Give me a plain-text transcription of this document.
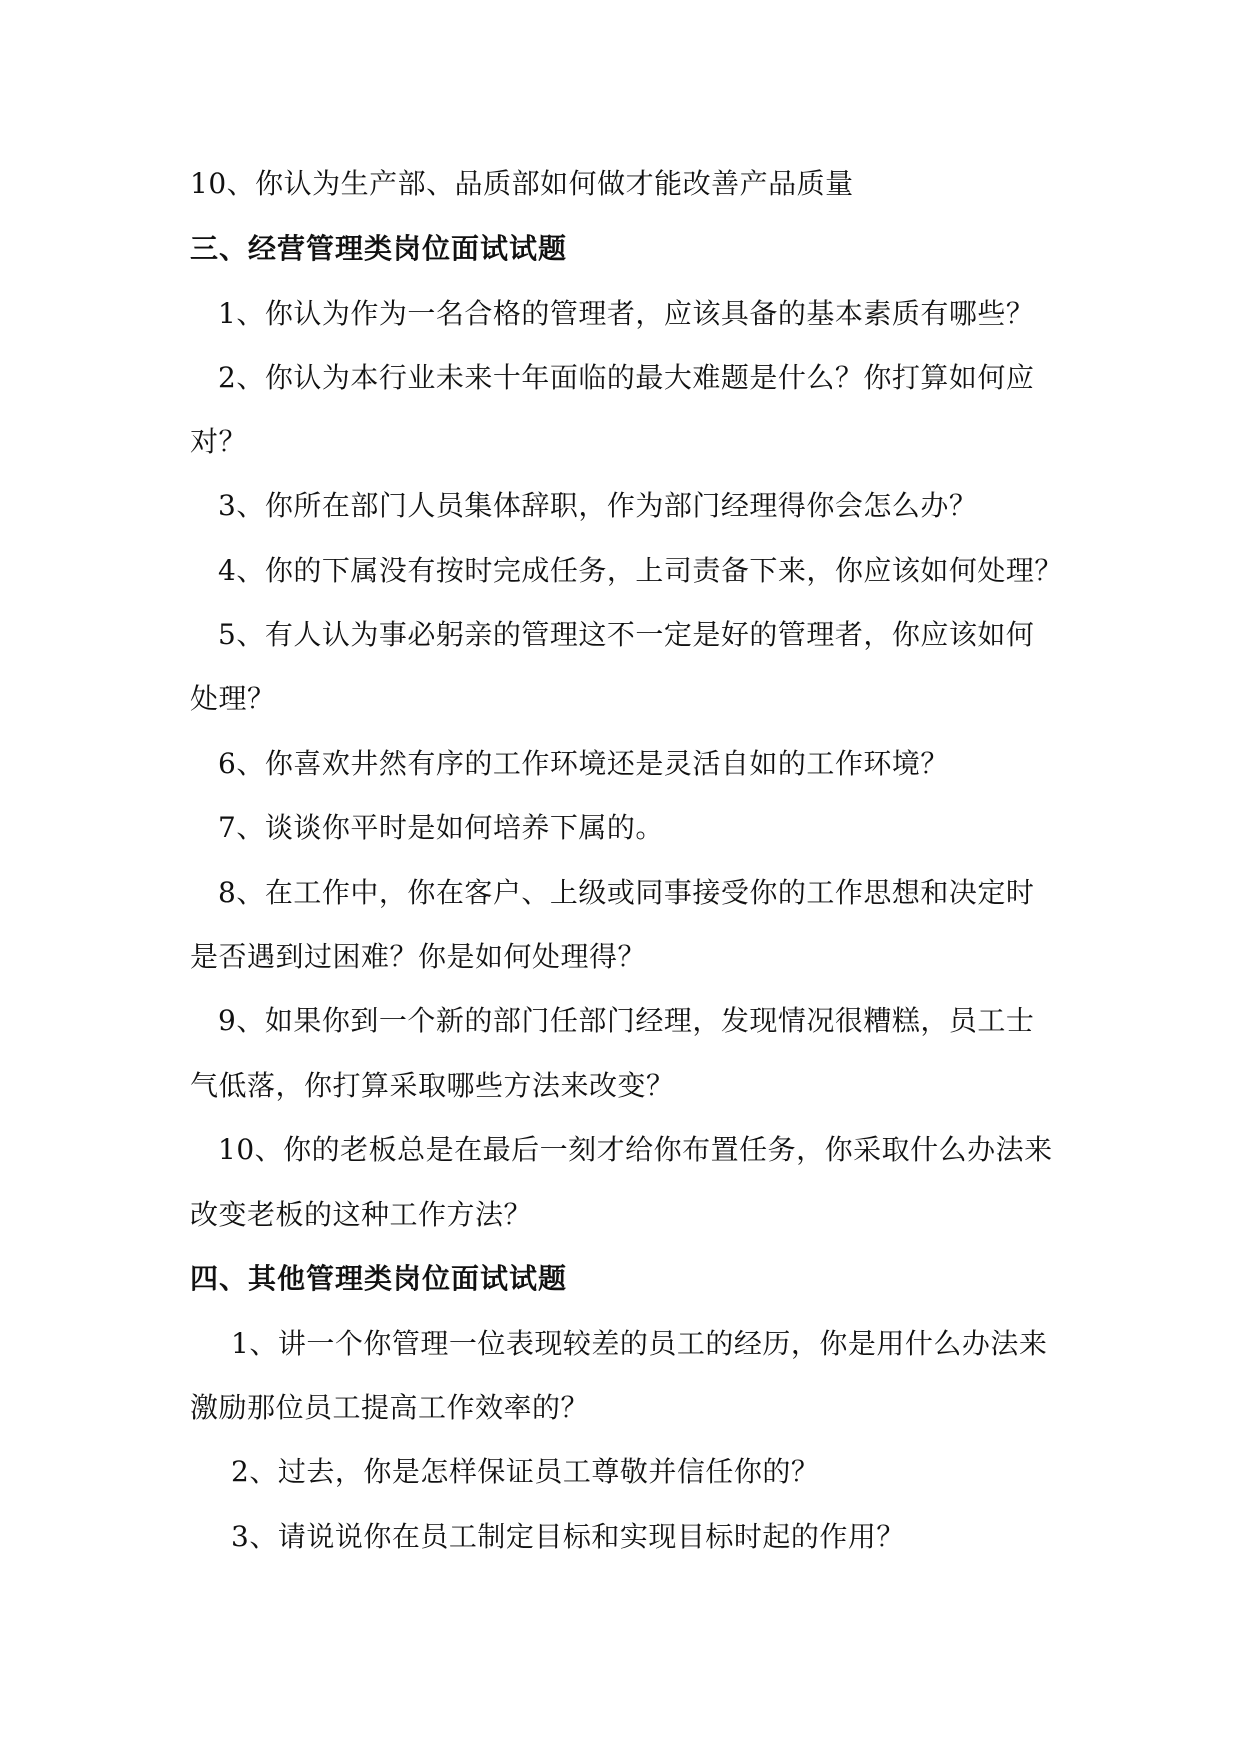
10、你认为生产部、品质部如何做才能改善产品质量
三、经营管理类岗位面试试题
1、你认为作为一名合格的管理者，应该具备的基本素质有哪些？
2、你认为本行业未来十年面临的最大难题是什么？你打算如何应
对？
3、你所在部门人员集体辞职，作为部门经理得你会怎么办？
4、你的下属没有按时完成任务，上司责备下来，你应该如何处理？
5、有人认为事必躬亲的管理这不一定是好的管理者，你应该如何
处理？
6、你喜欢井然有序的工作环境还是灵活自如的工作环境？
7、谈谈你平时是如何培养下属的。
8、在工作中，你在客户、上级或同事接受你的工作思想和决定时
是否遇到过困难？你是如何处理得？
9、如果你到一个新的部门任部门经理，发现情况很糟糕，员工士
气低落，你打算采取哪些方法来改变？
10、你的老板总是在最后一刻才给你布置任务，你采取什么办法来
改变老板的这种工作方法？
四、其他管理类岗位面试试题
1、讲一个你管理一位表现较差的员工的经历，你是用什么办法来
激励那位员工提高工作效率的？
2、过去，你是怎样保证员工尊敬并信任你的？
3、请说说你在员工制定目标和实现目标时起的作用？
